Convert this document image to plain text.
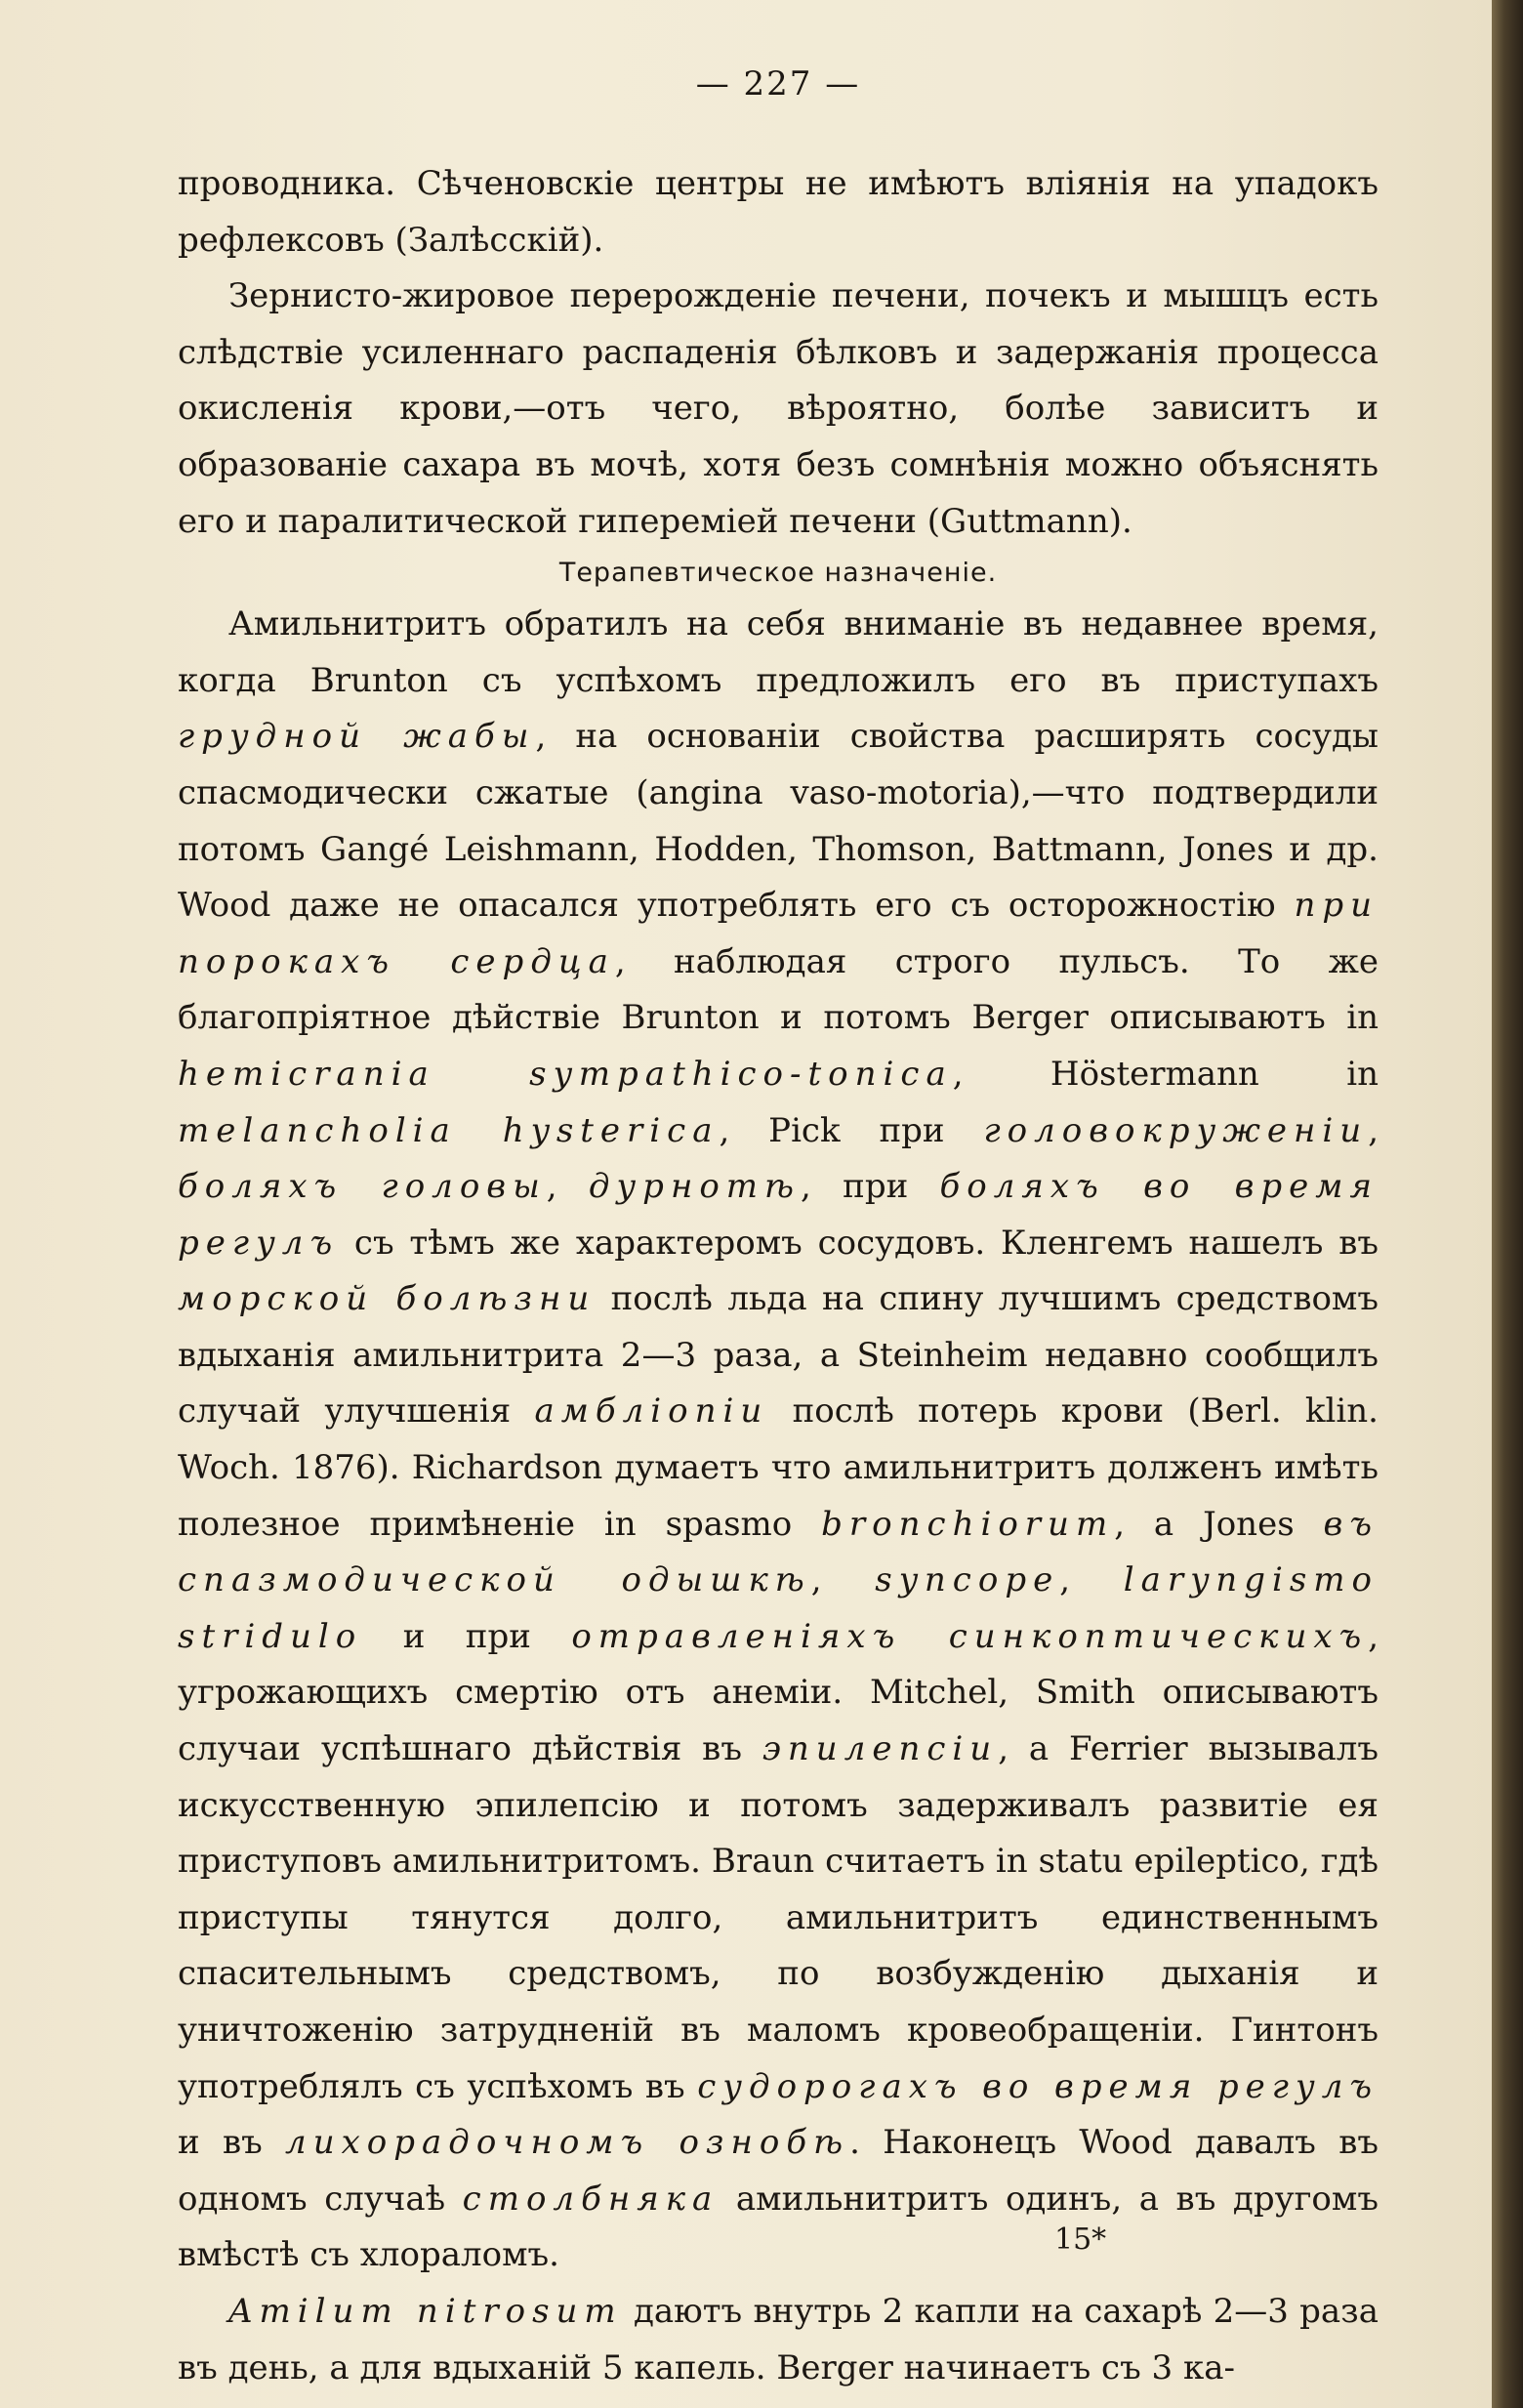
— 227 —

проводника. Сѣченовскіе центры не имѣютъ вліянія на упадокъ рефлексовъ (Залѣсскій).

Зернисто-жировое перерожденіе печени, почекъ и мышцъ есть слѣдствіе усиленнаго распаденія бѣлковъ и задержанія процесса окисленія крови,—отъ чего, вѣроятно, болѣе зависитъ и образованіе сахара въ мочѣ, хотя безъ сомнѣнія можно объяснять его и паралитической гипереміей печени (Guttmann).

Терапевтическое назначеніе.

Амильнитритъ обратилъ на себя вниманіе въ недавнее время, когда Brunton съ успѣхомъ предложилъ его въ приступахъ грудной жабы, на основаніи свойства расширять сосуды спасмодически сжатые (angina vaso-motoria),—что подтвердили потомъ Gangé Leishmann, Hodden, Thomson, Battmann, Jones и др. Wood даже не опасался употреблять его съ осторожностію при порокахъ сердца, наблюдая строго пульсъ. То же благопріятное дѣйствіе Brunton и потомъ Berger описываютъ in hemicrania sympathico-tonica, Höstermann in melancholia hysterica, Pick при головокруженіи, боляхъ головы, дурнотѣ, при боляхъ во время регулъ съ тѣмъ же характеромъ сосудовъ. Кленгемъ нашелъ въ морской болѣзни послѣ льда на спину лучшимъ средствомъ вдыханія амильнитрита 2—3 раза, а Steinheim недавно сообщилъ случай улучшенія амбліопіи послѣ потерь крови (Berl. klin. Woch. 1876). Richardson думаетъ что амильнитритъ долженъ имѣть полезное примѣненіе in spasmo bronchiorum, а Jones въ спазмодической одышкѣ, syncope, laryngismo stridulo и при отравленіяхъ синкоптическихъ, угрожающихъ смертію отъ анеміи. Mitchel, Smith описываютъ случаи успѣшнаго дѣйствія въ эпилепсіи, а Ferrier вызывалъ искусственную эпилепсію и потомъ задерживалъ развитіе ея приступовъ амильнитритомъ. Braun считаетъ in statu epileptico, гдѣ приступы тянутся долго, амильнитритъ единственнымъ спасительнымъ средствомъ, по возбужденію дыханія и уничтоженію затрудненій въ маломъ кровеобращеніи. Гинтонъ употреблялъ съ успѣхомъ въ судорогахъ во время регулъ и въ лихорадочномъ ознобѣ. Наконецъ Wood давалъ въ одномъ случаѣ столбняка амильнитритъ одинъ, а въ другомъ вмѣстѣ съ хлораломъ.

Amilum nitrosum даютъ внутрь 2 капли на сахарѣ 2—3 раза въ день, а для вдыханій 5 капель. Berger начинаетъ съ 3 ка-

15*
